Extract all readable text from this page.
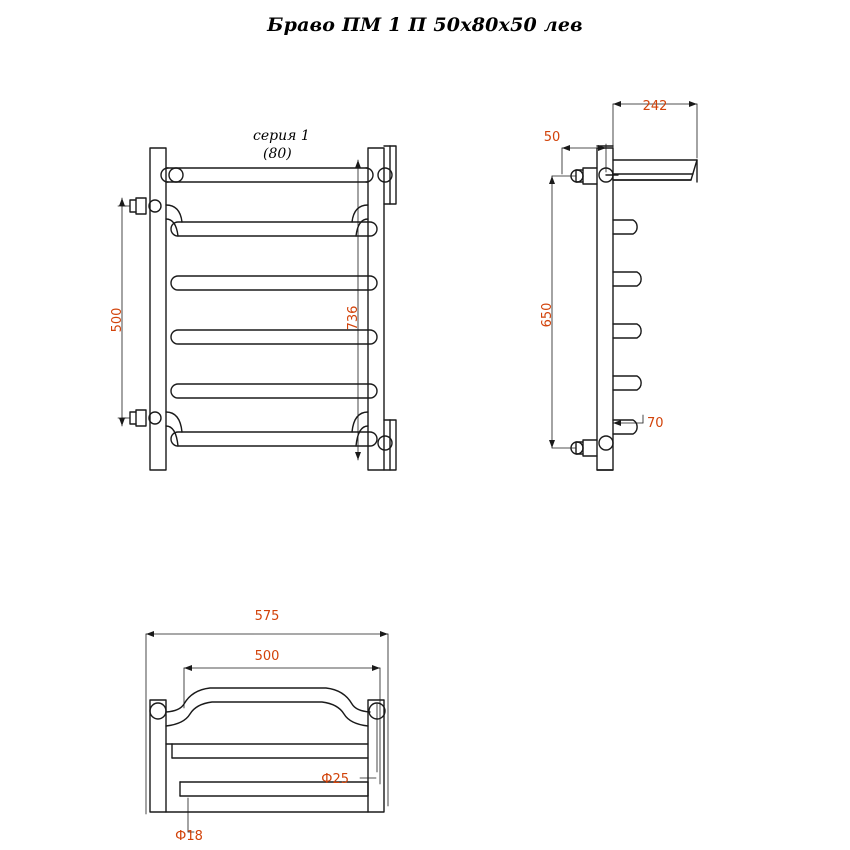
Браво ПМ 1 П 50х80х50 лев
серия 1
(80)
500	736
242
50
650
70
575
500
Ф25
Ф18
